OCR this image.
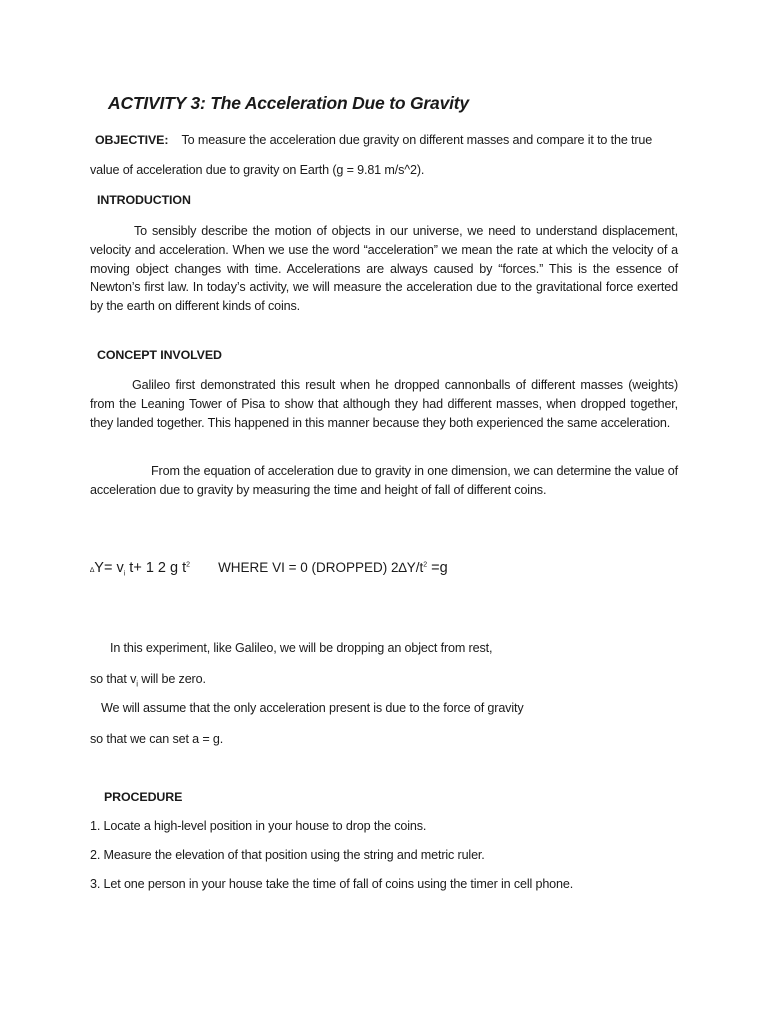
ACTIVITY 3: The Acceleration Due to Gravity
OBJECTIVE: To measure the acceleration due gravity on different masses and compare it to the true
value of acceleration due to gravity on Earth (g = 9.81 m/s^2).
INTRODUCTION
To sensibly describe the motion of objects in our universe, we need to understand displacement, velocity and acceleration. When we use the word “acceleration” we mean the rate at which the velocity of a moving object changes with time. Accelerations are always caused by “forces.” This is the essence of Newton’s first law. In today’s activity, we will measure the acceleration due to the gravitational force exerted by the earth on different kinds of coins.
CONCEPT INVOLVED
Galileo first demonstrated this result when he dropped cannonballs of different masses (weights) from the Leaning Tower of Pisa to show that although they had different masses, when dropped together, they landed together. This happened in this manner because they both experienced the same acceleration.
From the equation of acceleration due to gravity in one dimension, we can determine the value of acceleration due to gravity by measuring the time and height of fall of different coins.
$\Delta Y= v_i$ t+ 1 2 g $t^2$ WHERE VI = 0 (DROPPED) $2\Delta Y/t^2 =g$
In this experiment, like Galileo, we will be dropping an object from rest,
so that $v_i$ will be zero.
We will assume that the only acceleration present is due to the force of gravity
so that we can set a = g.
PROCEDURE
1. Locate a high-level position in your house to drop the coins.
2. Measure the elevation of that position using the string and metric ruler.
3. Let one person in your house take the time of fall of coins using the timer in cell phone.
